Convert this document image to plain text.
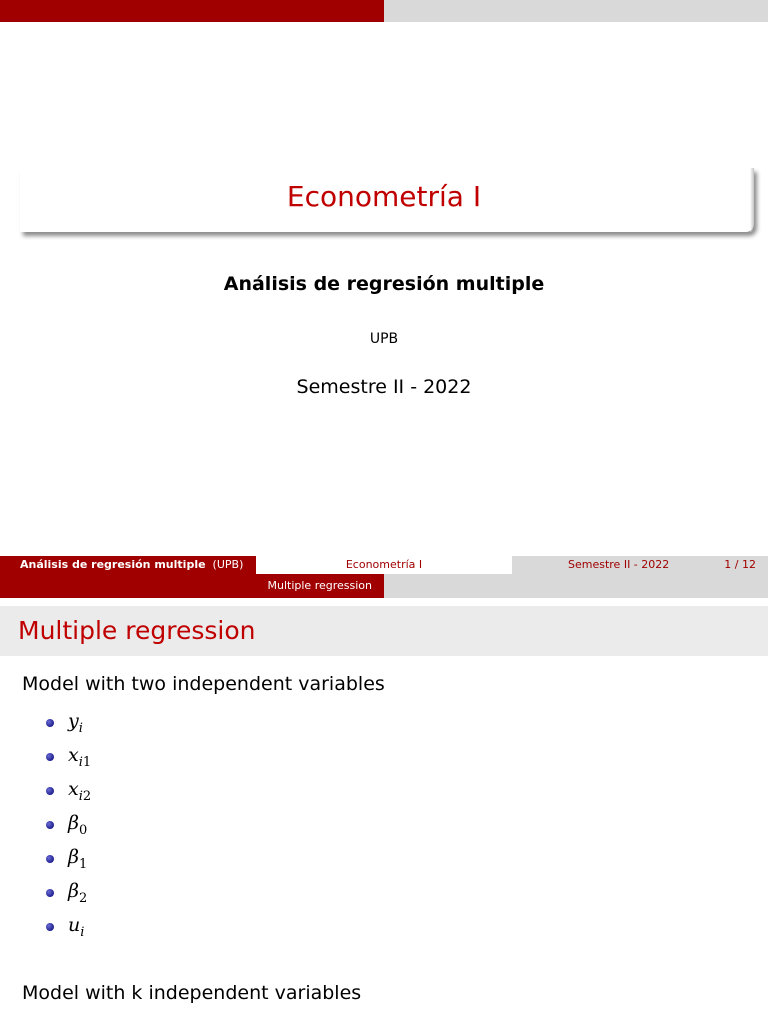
Econometría I
Análisis de regresión multiple
UPB
Semestre II - 2022
Análisis de regresión multiple (UPB)	Econometría I	Semestre II - 2022	1 / 12
Multiple regression
Multiple regression
Model with two independent variables
$y_i$
$x_{i1}$
$x_{i2}$
$\beta_0$
$\beta_1$
$\beta_2$
$u_i$
Model with k independent variables
